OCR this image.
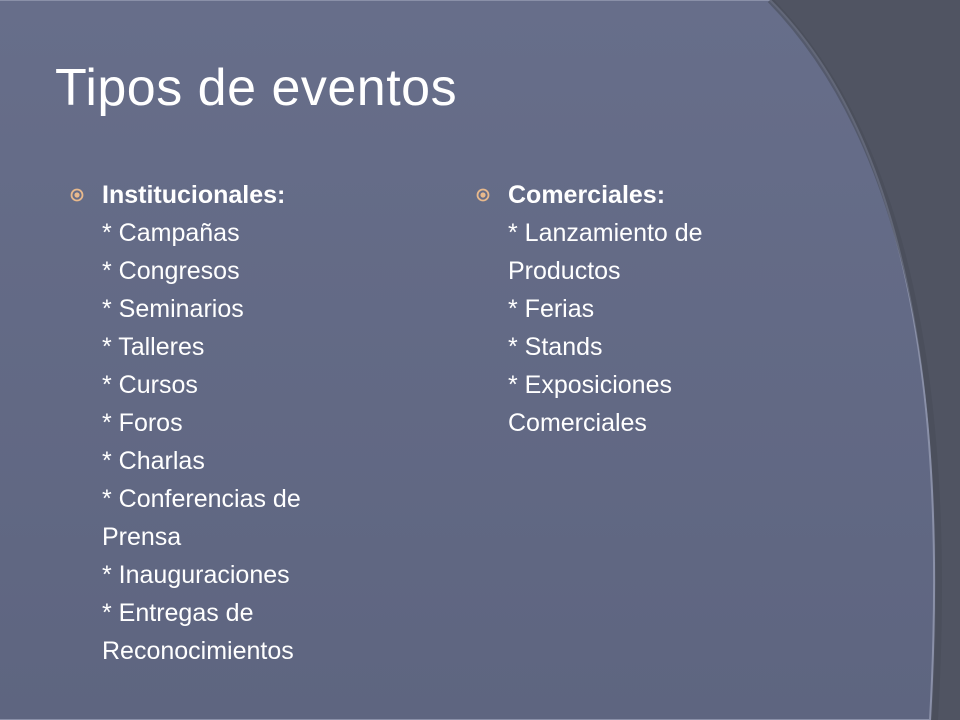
Tipos de eventos
Institucionales:
* Campañas
* Congresos
* Seminarios
* Talleres
* Cursos
* Foros
* Charlas
* Conferencias de
Prensa
* Inauguraciones
* Entregas de
Reconocimientos
Comerciales:
* Lanzamiento de
Productos
* Ferias
* Stands
* Exposiciones
Comerciales
